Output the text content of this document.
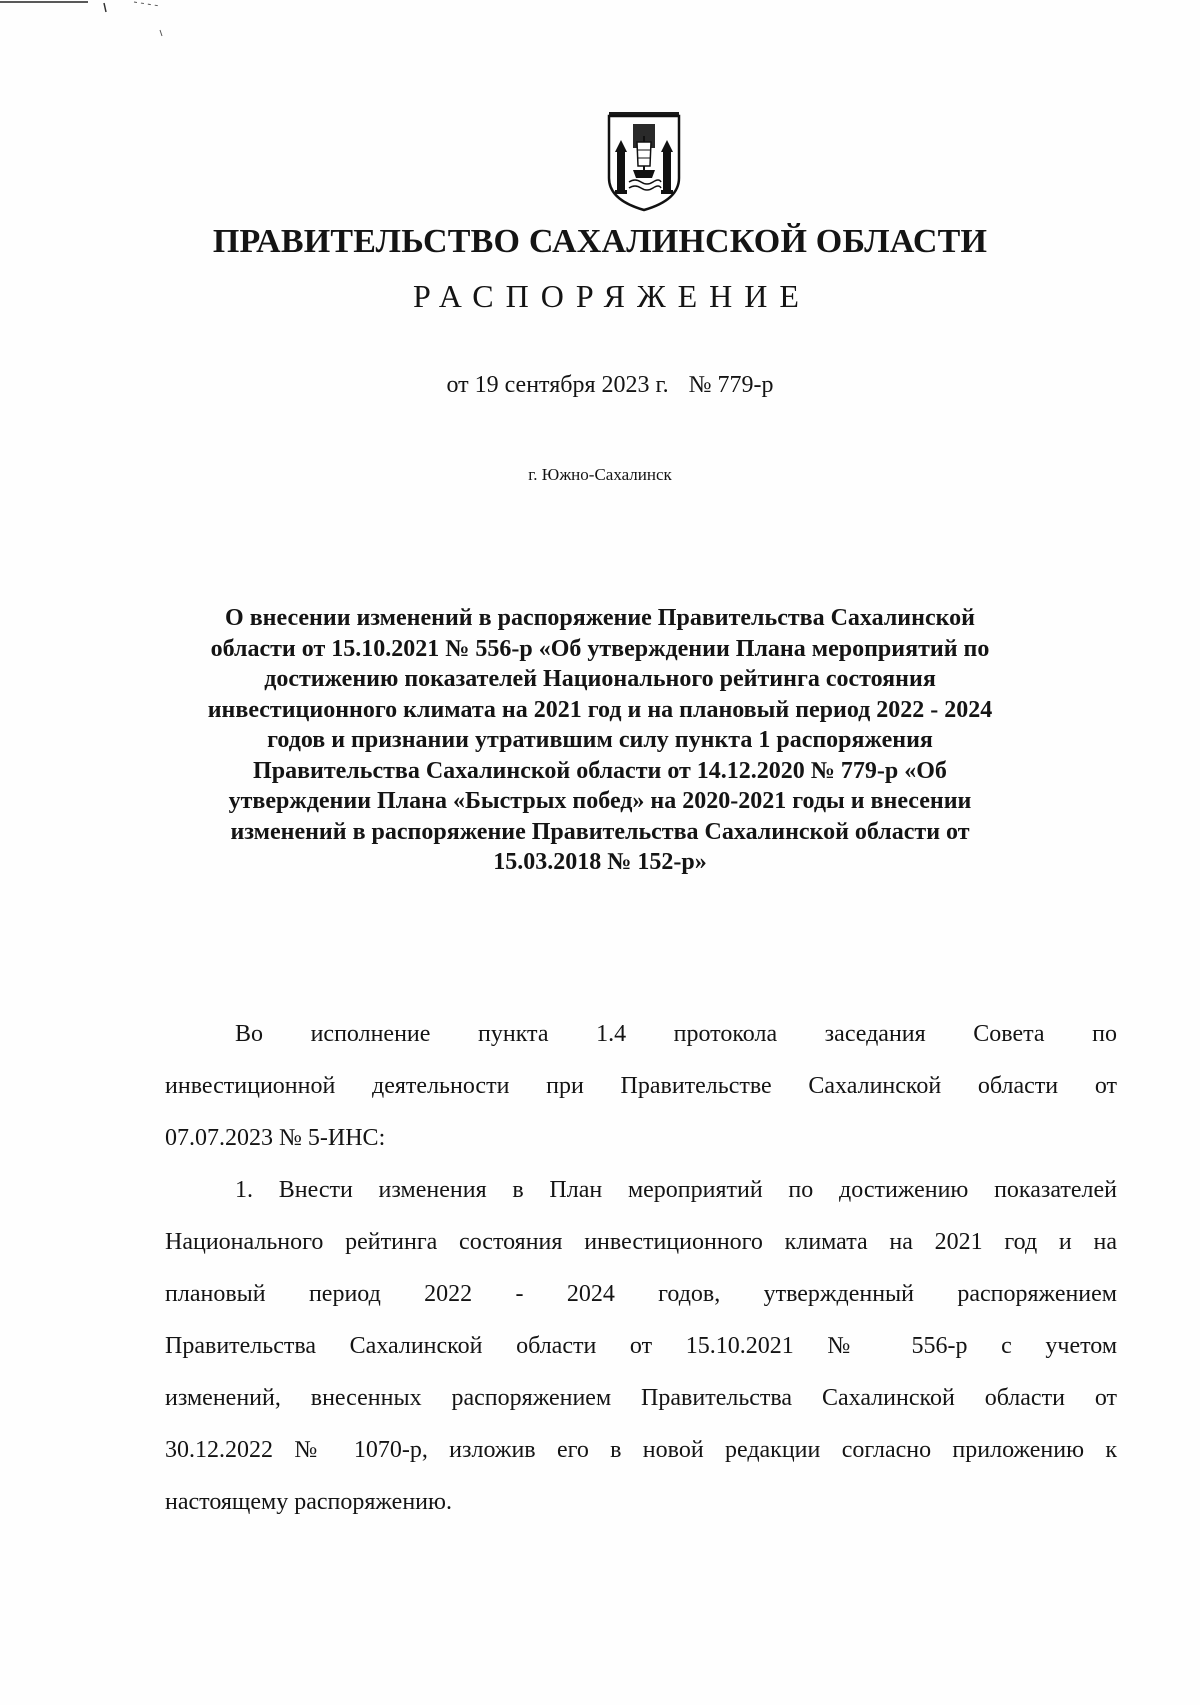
ПРАВИТЕЛЬСТВО САХАЛИНСКОЙ ОБЛАСТИ
РАСПОРЯЖЕНИЕ
от 19 сентября 2023 г. № 779-р
г. Южно-Сахалинск
О внесении изменений в распоряжение Правительства Сахалинской
области от 15.10.2021 № 556-р «Об утверждении Плана мероприятий по
достижению показателей Национального рейтинга состояния
инвестиционного климата на 2021 год и на плановый период 2022 - 2024
годов и признании утратившим силу пункта 1 распоряжения
Правительства Сахалинской области от 14.12.2020 № 779-р «Об
утверждении Плана «Быстрых побед» на 2020-2021 годы и внесении
изменений в распоряжение Правительства Сахалинской области от
15.03.2018 № 152-р»
Во исполнение пункта 1.4 протокола заседания Совета по
инвестиционной деятельности при Правительстве Сахалинской области от
07.07.2023 № 5-ИНС:
1. Внести изменения в План мероприятий по достижению показателей
Национального рейтинга состояния инвестиционного климата на 2021 год и на
плановый период 2022 - 2024 годов, утвержденный распоряжением
Правительства Сахалинской области от 15.10.2021 № 556-р с учетом
изменений, внесенных распоряжением Правительства Сахалинской области от
30.12.2022 № 1070-р, изложив его в новой редакции согласно приложению к
настоящему распоряжению.
